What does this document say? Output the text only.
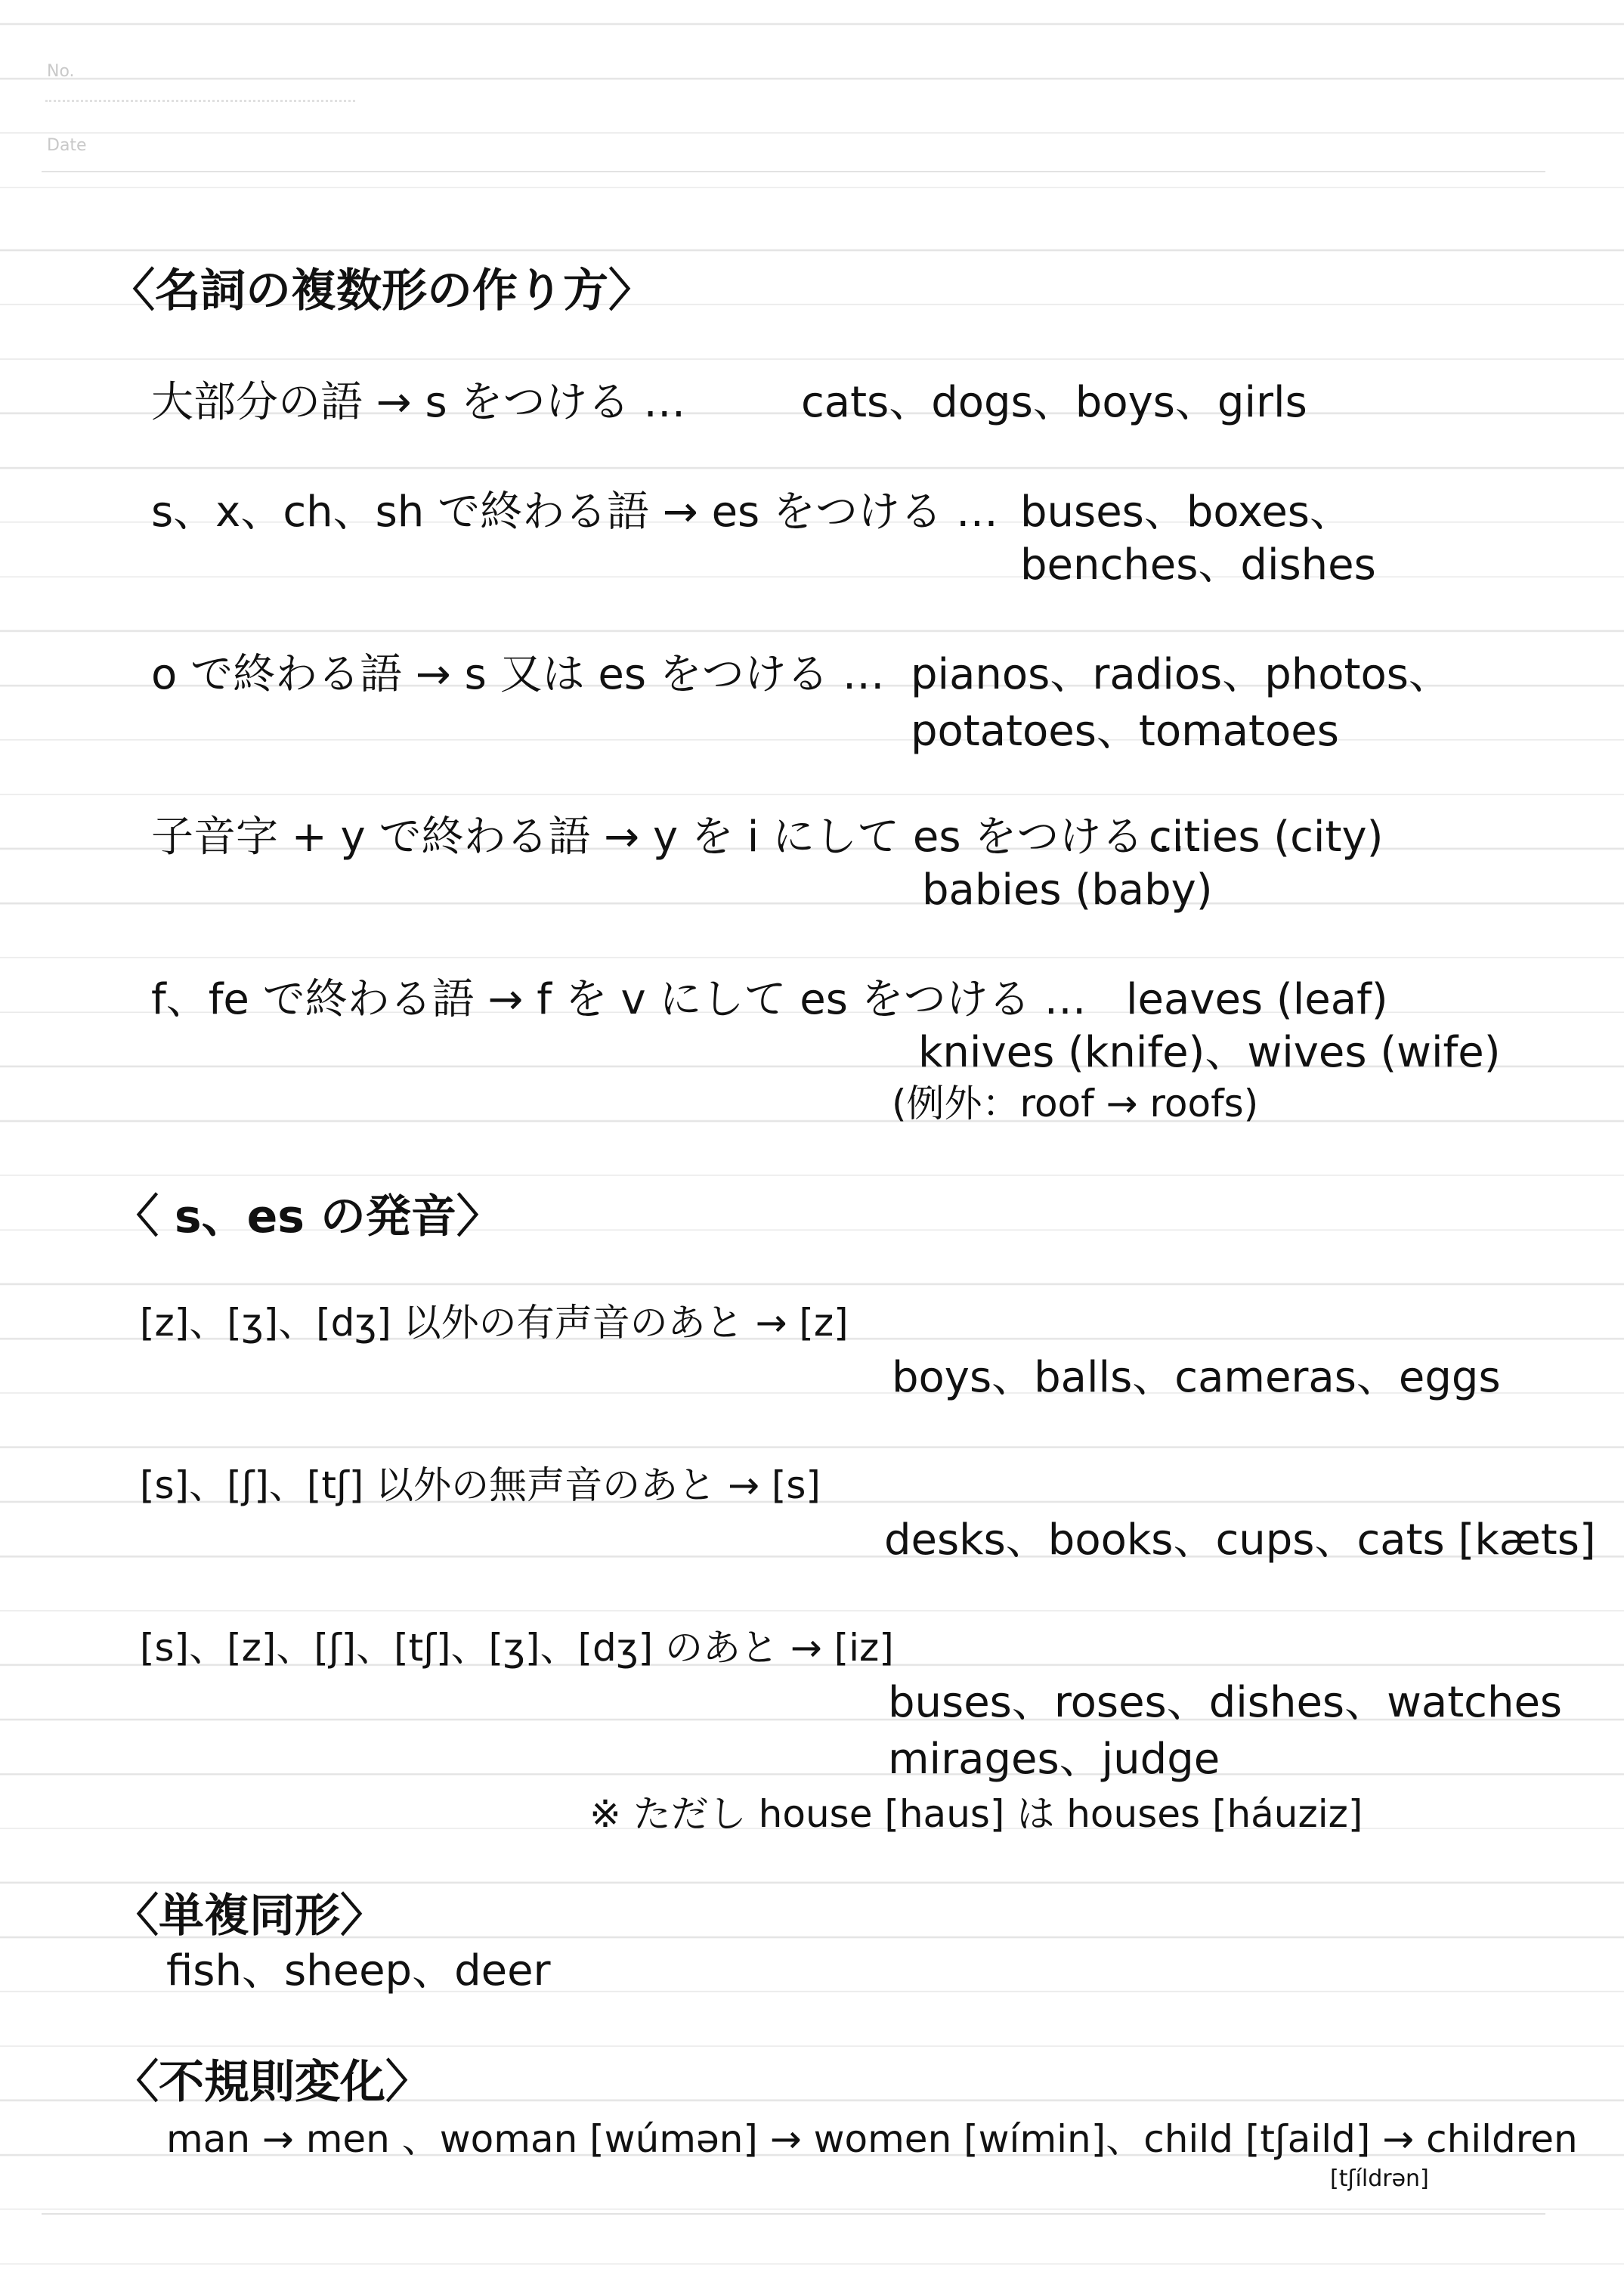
No.
Date
〈名詞の複数形の作り方〉
大部分の語 → s をつける …	cats、dogs、boys、girls
s、x、ch、sh で終わる語 → es をつける … buses、boxes、
benches、dishes
o で終わる語 → s 又は es をつける … pianos、radios、photos、
potatoes、tomatoes
子音字 + y で終わる語 → y を i にして es をつける …
cities (city)
babies (baby)
f、fe で終わる語 → f を v にして es をつける … leaves (leaf)
knives (knife)、wives (wife)
(例外：roof → roofs)
〈 s、es の発音〉
[z]、[ʒ]、[dʒ] 以外の有声音のあと → [z]
boys、balls、cameras、eggs
[s]、[ʃ]、[tʃ] 以外の無声音のあと → [s]
desks、books、cups、cats [kæts]
[s]、[z]、[ʃ]、[tʃ]、[ʒ]、[dʒ] のあと → [iz]
buses、roses、dishes、watches
mirages、judge
※ ただし house [haus] は houses [háuziz]
〈単複同形〉
fish、sheep、deer
〈不規則変化〉
man → men 、woman [wúmən] → women [wímin]、child [tʃaild] → children
[tʃíldrən]
